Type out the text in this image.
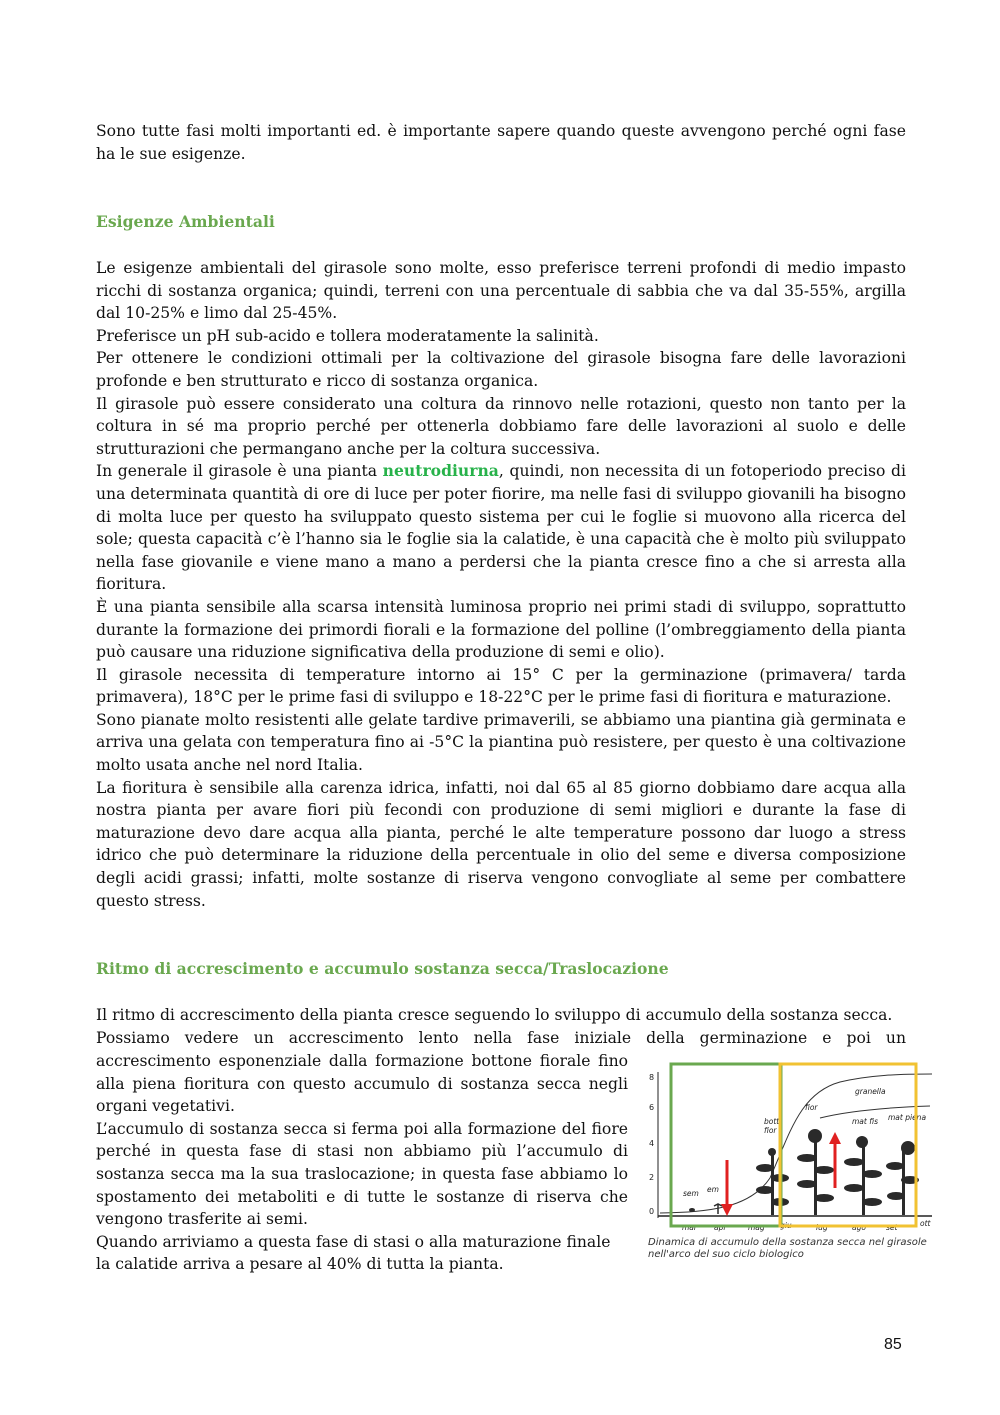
Sono tutte fasi molti importanti ed. è importante sapere quando queste avvengono perché ogni fase ha le sue esigenze.

Esigenze Ambientali

Le esigenze ambientali del girasole sono molte, esso preferisce terreni profondi di medio impasto ricchi di sostanza organica; quindi, terreni con una percentuale di sabbia che va dal 35-55%, argilla dal 10-25% e limo dal 25-45%.

Preferisce un pH sub-acido e tollera moderatamente la salinità.

Per ottenere le condizioni ottimali per la coltivazione del girasole bisogna fare delle lavorazioni profonde e ben strutturato e ricco di sostanza organica.

Il girasole può essere considerato una coltura da rinnovo nelle rotazioni, questo non tanto per la coltura in sé ma proprio perché per ottenerla dobbiamo fare delle lavorazioni al suolo e delle strutturazioni che permangano anche per la coltura successiva.

In generale il girasole è una pianta neutrodiurna, quindi, non necessita di un fotoperiodo preciso di una determinata quantità di ore di luce per poter fiorire, ma nelle fasi di sviluppo giovanili ha bisogno di molta luce per questo ha sviluppato questo sistema per cui le foglie si muovono alla ricerca del sole; questa capacità c’è l’hanno sia le foglie sia la calatide, è una capacità che è molto più sviluppato nella fase giovanile e viene mano a mano a perdersi che la pianta cresce fino a che si arresta alla fioritura.

È una pianta sensibile alla scarsa intensità luminosa proprio nei primi stadi di sviluppo, soprattutto durante la formazione dei primordi fiorali e la formazione del polline (l’ombreggiamento della pianta può causare una riduzione significativa della produzione di semi e olio).

Il girasole necessita di temperature intorno ai 15° C per la germinazione (primavera/ tarda primavera), 18°C per le prime fasi di sviluppo e 18-22°C per le prime fasi di fioritura e maturazione.

Sono pianate molto resistenti alle gelate tardive primaverili, se abbiamo una piantina già germinata e arriva una gelata con temperatura fino ai -5°C la piantina può resistere, per questo è una coltivazione molto usata anche nel nord Italia.

La fioritura è sensibile alla carenza idrica, infatti, noi dal 65 al 85 giorno dobbiamo dare acqua alla nostra pianta per avare fiori più fecondi con produzione di semi migliori e durante la fase di maturazione devo dare acqua alla pianta, perché le alte temperature possono dar luogo a stress idrico che può determinare la riduzione della percentuale in olio del seme e diversa composizione degli acidi grassi; infatti, molte sostanze di riserva vengono convogliate al seme per combattere questo stress.

Ritmo di accrescimento e accumulo sostanza secca/Traslocazione

Il ritmo di accrescimento della pianta cresce seguendo lo sviluppo di accumulo della sostanza secca.

Possiamo vedere un accrescimento lento nella fase iniziale della germinazione e poi un

accrescimento esponenziale dalla formazione bottone fiorale fino alla piena fioritura con questo accumulo di sostanza secca negli organi vegetativi.

L’accumulo di sostanza secca si ferma poi alla formazione del fiore perché in questa fase di stasi non abbiamo più l’accumulo di sostanza secca ma la sua traslocazione; in questa fase abbiamo lo spostamento dei metaboliti e di tutte le sostanze di riserva che vengono trasferite ai semi.

Quando arriviamo a questa fase di stasi o alla maturazione finale la calatide arriva a pesare al 40% di tutta la pianta.

8
6
4
2
0
sem em
bott
fior
fior
granella
mat fis mat piena
mar apr	mag giu	lug	ago	set	ott
Dinamica di accumulo della sostanza secca nel girasole nell'arco del suo ciclo biologico
85
